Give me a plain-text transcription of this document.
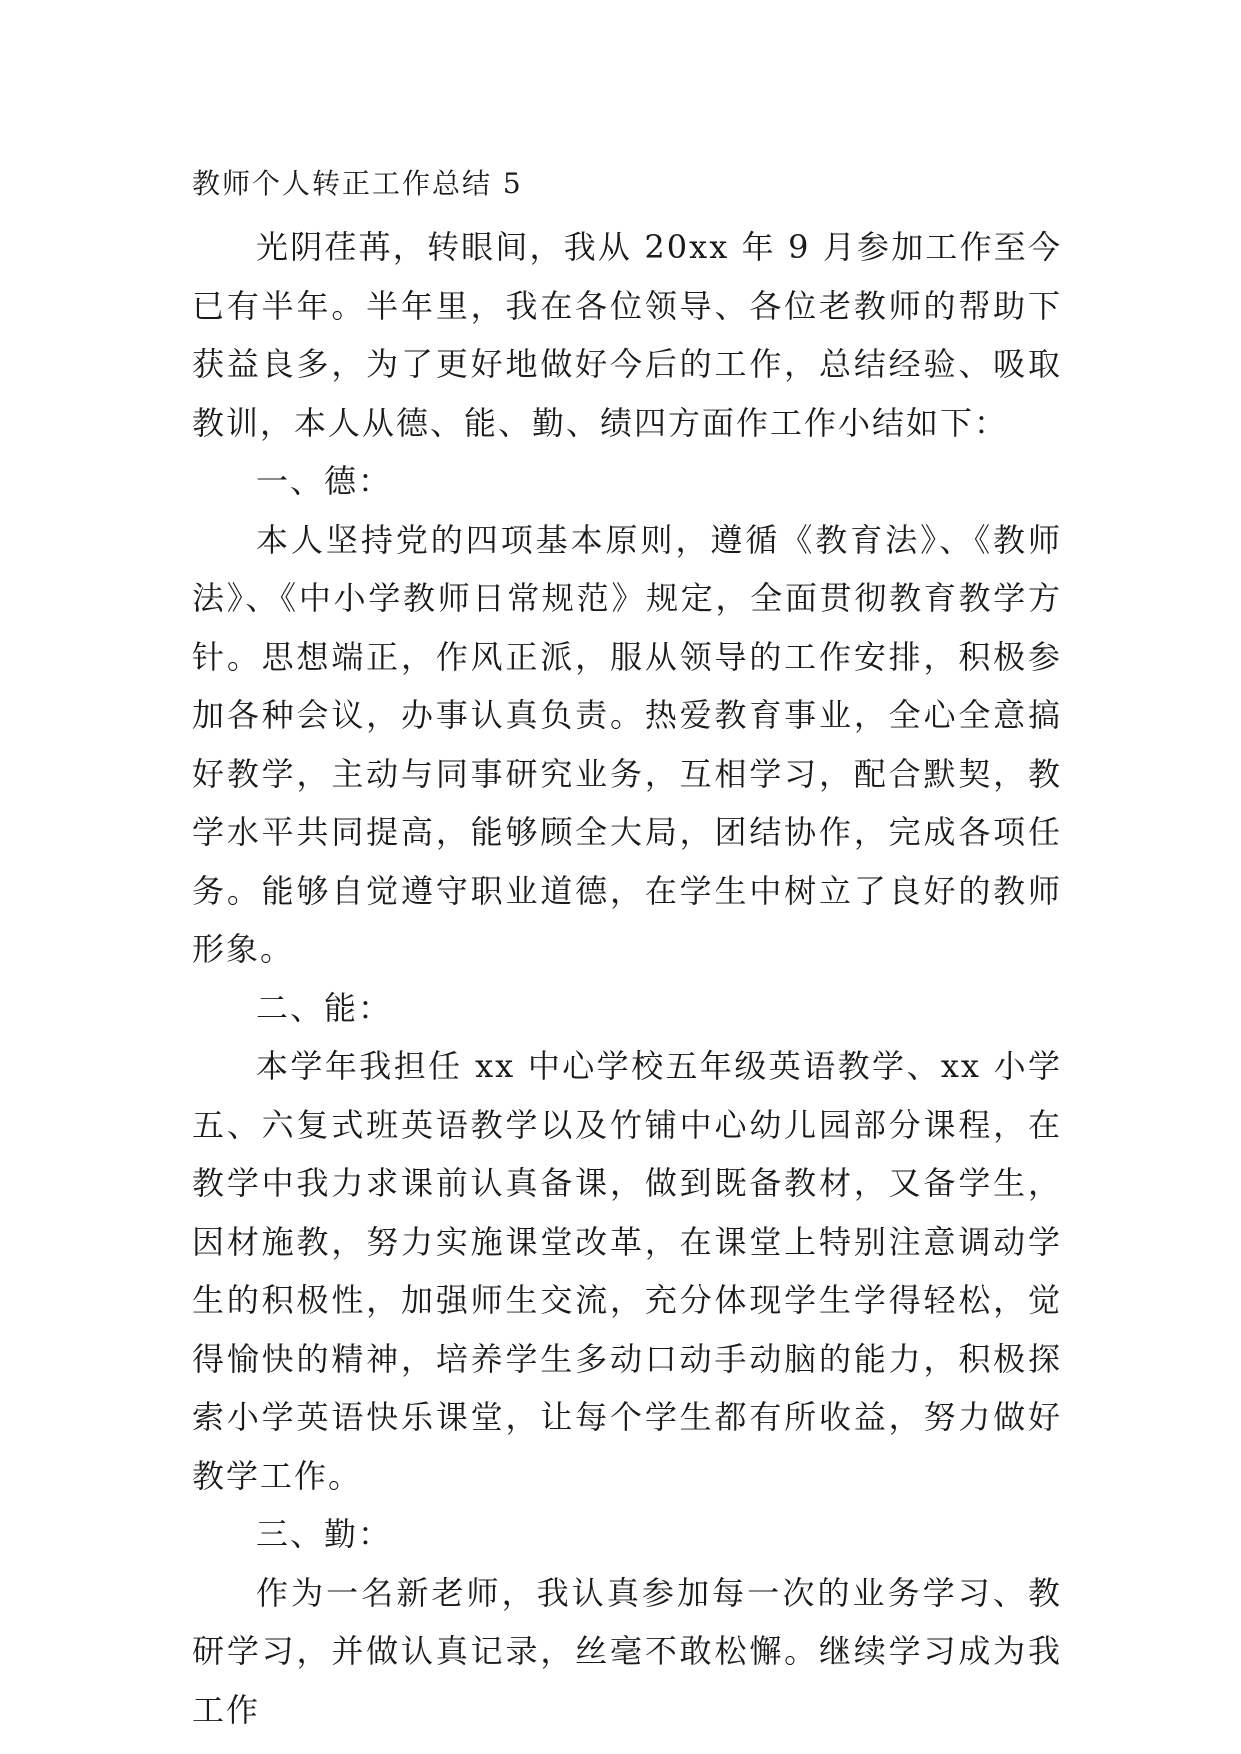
教师个人转正工作总结 5

光阴荏苒，转眼间，我从 20xx 年 9 月参加工作至今已有半年。半年里，我在各位领导、各位老教师的帮助下获益良多，为了更好地做好今后的工作，总结经验、吸取教训，本人从德、能、勤、绩四方面作工作小结如下：

一、德：

本人坚持党的四项基本原则，遵循《教育法》、《教师法》、《中小学教师日常规范》规定，全面贯彻教育教学方针。思想端正，作风正派，服从领导的工作安排，积极参加各种会议，办事认真负责。热爱教育事业，全心全意搞好教学，主动与同事研究业务，互相学习，配合默契，教学水平共同提高，能够顾全大局，团结协作，完成各项任务。能够自觉遵守职业道德，在学生中树立了良好的教师形象。

二、能：

本学年我担任 xx 中心学校五年级英语教学、xx 小学五、六复式班英语教学以及竹铺中心幼儿园部分课程，在教学中我力求课前认真备课，做到既备教材，又备学生，因材施教，努力实施课堂改革，在课堂上特别注意调动学生的积极性，加强师生交流，充分体现学生学得轻松，觉得愉快的精神，培养学生多动口动手动脑的能力，积极探索小学英语快乐课堂，让每个学生都有所收益，努力做好教学工作。

三、勤：

作为一名新老师，我认真参加每一次的业务学习、教研学习，并做认真记录，丝毫不敢松懈。继续学习成为我工作
